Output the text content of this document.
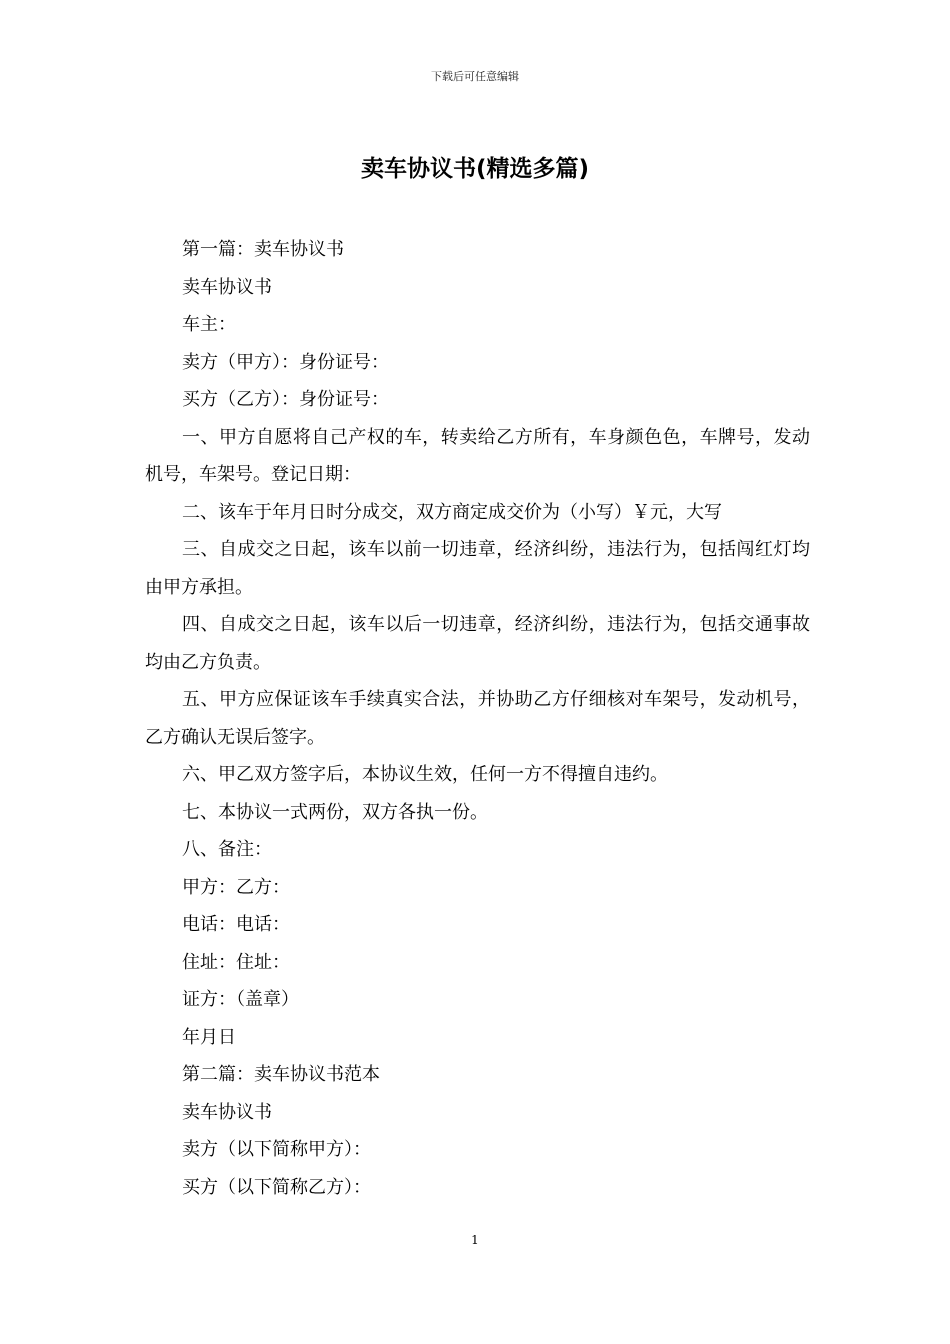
下载后可任意编辑
卖车协议书(精选多篇)

第一篇：卖车协议书

卖车协议书

车主：

卖方（甲方）：身份证号：

买方（乙方）：身份证号：

一、甲方自愿将自己产权的车，转卖给乙方所有，车身颜色色，车牌号，发动机号，车架号。登记日期：

二、该车于年月日时分成交，双方商定成交价为（小写）￥元，大写

三、自成交之日起，该车以前一切违章，经济纠纷，违法行为，包括闯红灯均由甲方承担。

四、自成交之日起，该车以后一切违章，经济纠纷，违法行为，包括交通事故均由乙方负责。

五、甲方应保证该车手续真实合法，并协助乙方仔细核对车架号，发动机号，乙方确认无误后签字。

六、甲乙双方签字后，本协议生效，任何一方不得擅自违约。

七、本协议一式两份，双方各执一份。

八、备注：

甲方：乙方：

电话：电话：

住址：住址：

证方：（盖章）

年月日

第二篇：卖车协议书范本

卖车协议书

卖方（以下简称甲方）：

买方（以下简称乙方）：

1
